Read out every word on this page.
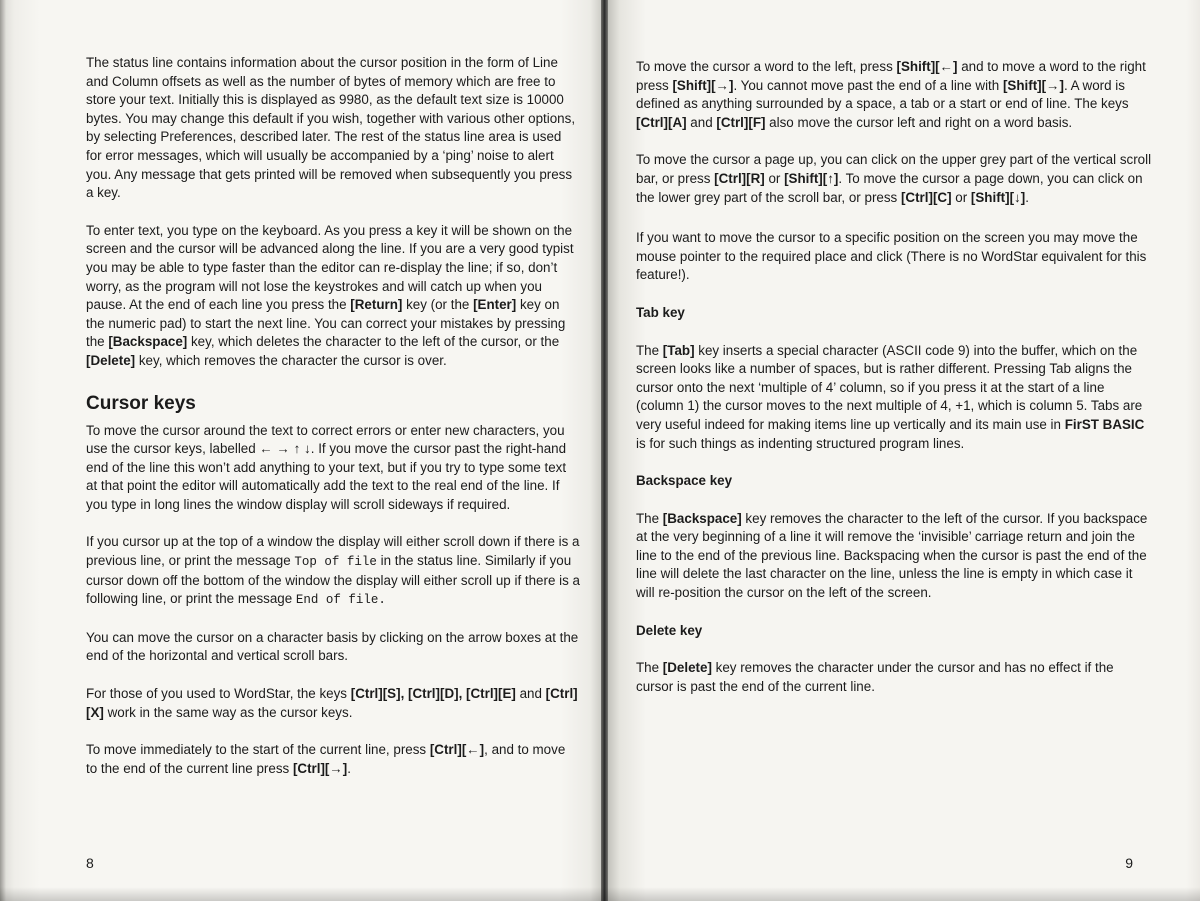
The status line contains information about the cursor position in the form of Line and Column offsets as well as the number of bytes of memory which are free to store your text. Initially this is displayed as 9980, as the default text size is 10000 bytes. You may change this default if you wish, together with various other options, by selecting Preferences, described later. The rest of the status line area is used for error messages, which will usually be accompanied by a ‘ping’ noise to alert you. Any message that gets printed will be removed when subsequently you press a key.

To enter text, you type on the keyboard. As you press a key it will be shown on the screen and the cursor will be advanced along the line. If you are a very good typist you may be able to type faster than the editor can re-display the line; if so, don’t worry, as the program will not lose the keystrokes and will catch up when you pause. At the end of each line you press the [Return] key (or the [Enter] key on the numeric pad) to start the next line. You can correct your mistakes by pressing the [Backspace] key, which deletes the character to the left of the cursor, or the [Delete] key, which removes the character the cursor is over.

Cursor keys

To move the cursor around the text to correct errors or enter new characters, you use the cursor keys, labelled ← → ↑ ↓. If you move the cursor past the right-hand end of the line this won’t add anything to your text, but if you try to type some text at that point the editor will automatically add the text to the real end of the line. If you type in long lines the window display will scroll sideways if required.

If you cursor up at the top of a window the display will either scroll down if there is a previous line, or print the message Top of file in the status line. Similarly if you cursor down off the bottom of the window the display will either scroll up if there is a following line, or print the message End of file.

You can move the cursor on a character basis by clicking on the arrow boxes at the end of the horizontal and vertical scroll bars.

For those of you used to WordStar, the keys [Ctrl][S], [Ctrl][D], [Ctrl][E] and [Ctrl][X] work in the same way as the cursor keys.

To move immediately to the start of the current line, press [Ctrl][←], and to move to the end of the current line press [Ctrl][→].

8

To move the cursor a word to the left, press [Shift][←] and to move a word to the right press [Shift][→]. You cannot move past the end of a line with [Shift][→]. A word is defined as anything surrounded by a space, a tab or a start or end of line. The keys [Ctrl][A] and [Ctrl][F] also move the cursor left and right on a word basis.

To move the cursor a page up, you can click on the upper grey part of the vertical scroll bar, or press [Ctrl][R] or [Shift][↑]. To move the cursor a page down, you can click on the lower grey part of the scroll bar, or press [Ctrl][C] or [Shift][↓].

If you want to move the cursor to a specific position on the screen you may move the mouse pointer to the required place and click (There is no WordStar equivalent for this feature!).

Tab key

The [Tab] key inserts a special character (ASCII code 9) into the buffer, which on the screen looks like a number of spaces, but is rather different. Pressing Tab aligns the cursor onto the next ‘multiple of 4’ column, so if you press it at the start of a line (column 1) the cursor moves to the next multiple of 4, +1, which is column 5. Tabs are very useful indeed for making items line up vertically and its main use in FirST BASIC is for such things as indenting structured program lines.

Backspace key

The [Backspace] key removes the character to the left of the cursor. If you backspace at the very beginning of a line it will remove the ‘invisible’ carriage return and join the line to the end of the previous line. Backspacing when the cursor is past the end of the line will delete the last character on the line, unless the line is empty in which case it will re-position the cursor on the left of the screen.

Delete key

The [Delete] key removes the character under the cursor and has no effect if the cursor is past the end of the current line.

9
